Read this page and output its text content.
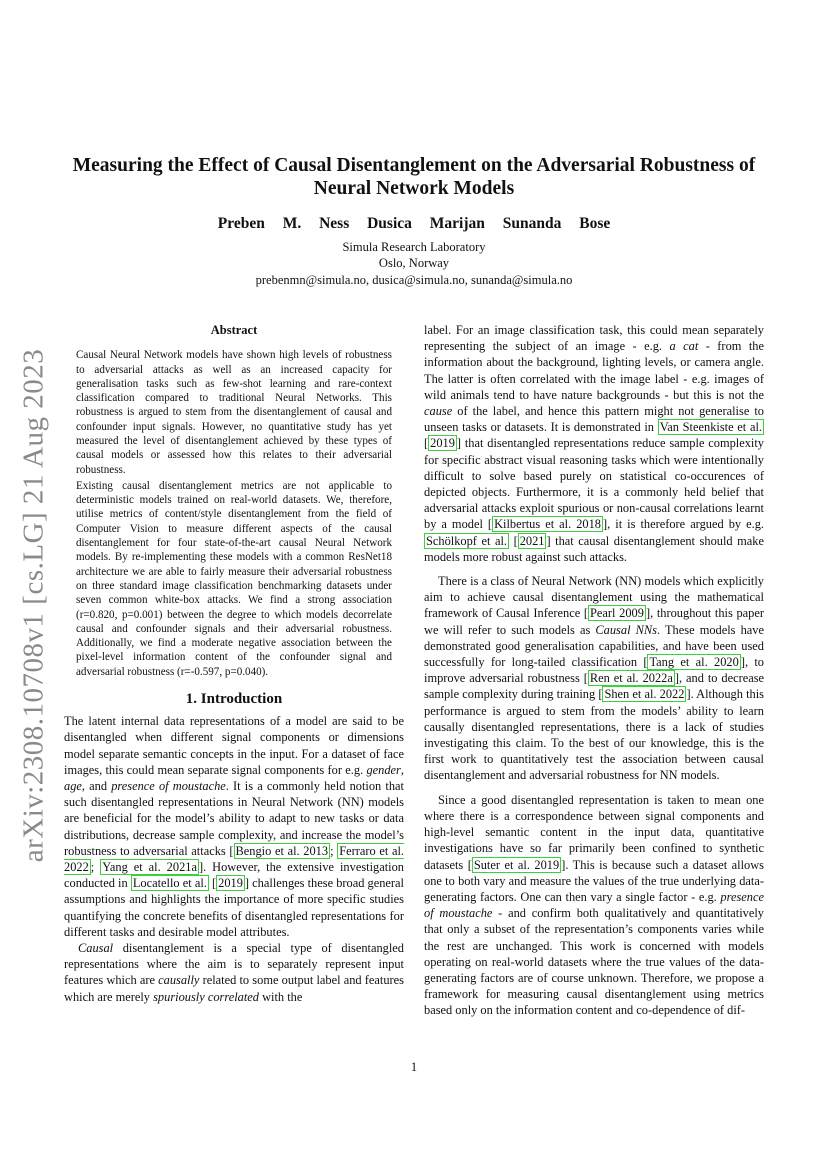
arXiv:2308.10708v1 [cs.LG] 21 Aug 2023
Measuring the Effect of Causal Disentanglement on the Adversarial Robustness of
Neural Network Models
Preben M. Ness Dusica Marijan Sunanda Bose
Simula Research Laboratory
Oslo, Norway
prebenmn@simula.no, dusica@simula.no, sunanda@simula.no
Abstract

Causal Neural Network models have shown high levels of robustness to adversarial attacks as well as an increased capacity for generalisation tasks such as few-shot learning and rare-context classification compared to traditional Neural Networks. This robustness is argued to stem from the disentanglement of causal and confounder input signals. However, no quantitative study has yet measured the level of disentanglement achieved by these types of causal models or assessed how this relates to their adversarial robustness.

Existing causal disentanglement metrics are not applicable to deterministic models trained on real-world datasets. We, therefore, utilise metrics of content/style disentanglement from the field of Computer Vision to measure different aspects of the causal disentanglement for four state-of-the-art causal Neural Network models. By re-implementing these models with a common ResNet18 architecture we are able to fairly measure their adversarial robustness on three standard image classification benchmarking datasets under seven common white-box attacks. We find a strong association (r=0.820, p=0.001) between the degree to which models decorrelate causal and confounder signals and their adversarial robustness. Additionally, we find a moderate negative association between the pixel-level information content of the confounder signal and adversarial robustness (r=-0.597, p=0.040).

1. Introduction

The latent internal data representations of a model are said to be disentangled when different signal components or dimensions model separate semantic concepts in the input. For a dataset of face images, this could mean separate signal components for e.g. gender, age, and presence of moustache. It is a commonly held notion that such disentangled representations in Neural Network (NN) models are beneficial for the model’s ability to adapt to new tasks or data distributions, decrease sample complexity, and increase the model’s robustness to adversarial attacks [ Bengio et al. 2013 ; Ferraro et al. 2022 ; Yang et al. 2021a ]. However, the extensive investigation conducted in Locatello et al. [ 2019 ] challenges these broad general assumptions and highlights the importance of more specific studies quantifying the concrete benefits of disentangled representations for different tasks and desirable model attributes.

Causal disentanglement is a special type of disentangled representations where the aim is to separately represent input features which are causally related to some output label and features which are merely spuriously correlated with the

label. For an image classification task, this could mean separately representing the subject of an image - e.g. a cat - from the information about the background, lighting levels, or camera angle. The latter is often correlated with the image label - e.g. images of wild animals tend to have nature backgrounds - but this is not the cause of the label, and hence this pattern might not generalise to unseen tasks or datasets. It is demonstrated in Van Steenkiste et al. [ 2019 ] that disentangled representations reduce sample complexity for specific abstract visual reasoning tasks which were intentionally difficult to solve based purely on statistical co-occurences of depicted objects. Furthermore, it is a commonly held belief that adversarial attacks exploit spurious or non-causal correlations learnt by a model [ Kilbertus et al. 2018 ], it is therefore argued by e.g. Schölkopf et al. [ 2021 ] that causal disentanglement should make models more robust against such attacks.

There is a class of Neural Network (NN) models which explicitly aim to achieve causal disentanglement using the mathematical framework of Causal Inference [ Pearl 2009 ], throughout this paper we will refer to such models as Causal NNs. These models have demonstrated good generalisation capabilities, and have been used successfully for long-tailed classification [ Tang et al. 2020 ], to improve adversarial robustness [ Ren et al. 2022a ], and to decrease sample complexity during training [ Shen et al. 2022 ]. Although this performance is argued to stem from the models’ ability to learn causally disentangled representations, there is a lack of studies investigating this claim. To the best of our knowledge, this is the first work to quantitatively test the association between causal disentanglement and adversarial robustness for NN models.

Since a good disentangled representation is taken to mean one where there is a correspondence between signal components and high-level semantic content in the input data, quantitative investigations have so far primarily been confined to synthetic datasets [ Suter et al. 2019 ]. This is because such a dataset allows one to both vary and measure the values of the true underlying data-generating factors. One can then vary a single factor - e.g. presence of moustache - and confirm both qualitatively and quantitatively that only a subset of the representation’s components varies while the rest are unchanged. This work is concerned with models operating on real-world datasets where the true values of the data-generating factors are of course unknown. Therefore, we propose a framework for measuring causal disentanglement using metrics based only on the information content and co-dependence of dif-

1
